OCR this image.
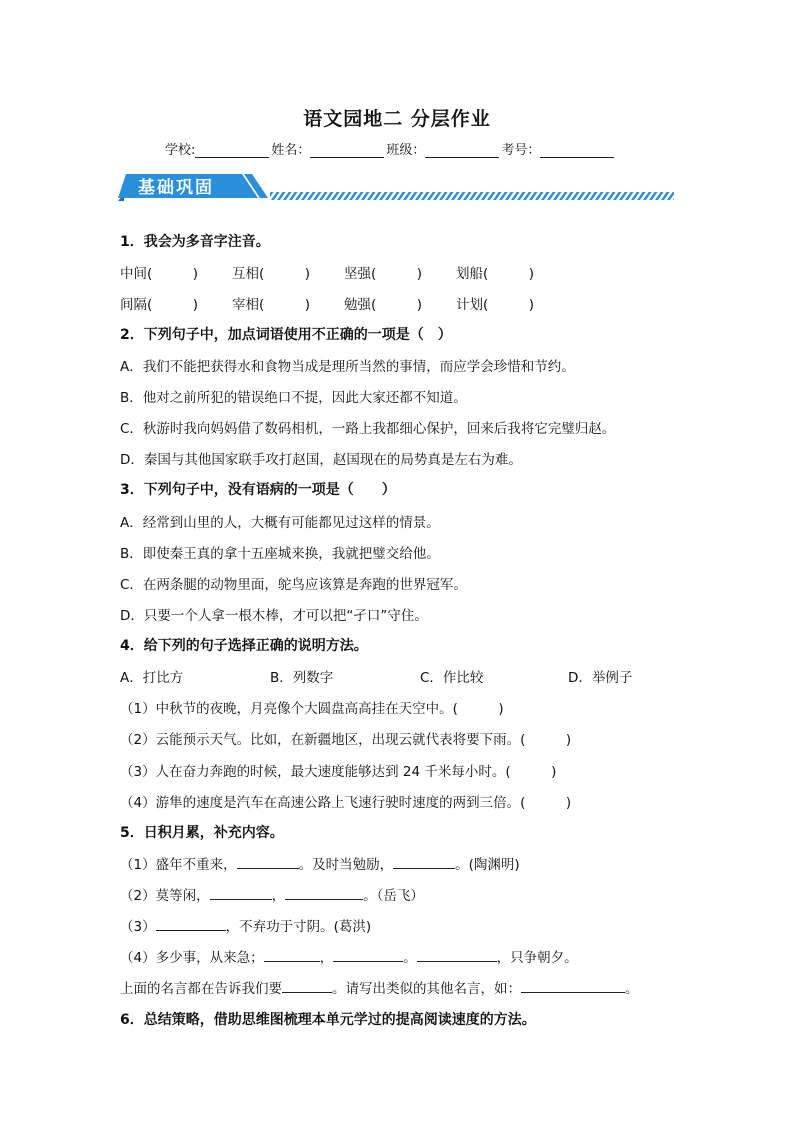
语文园地二 分层作业
学校:	姓名：	班级：	考号：
基础巩固
1．我会为多音字注音。
中间(　　　)	互相(　　　)	坚强(　　　)	划船(　　　)
间隔(　　　)	宰相(　　　)	勉强(　　　)	计划(　　　)
2．下列句子中，加点词语使用不正确的一项是（　）
A．我们不能把获得水和食物当成是理所当然的事情，而应学会珍惜和节约。
B．他对之前所犯的错误绝口不提，因此大家还都不知道。
C．秋游时我向妈妈借了数码相机，一路上我都细心保护，回来后我将它完璧归赵。
D．秦国与其他国家联手攻打赵国，赵国现在的局势真是左右为难。
3．下列句子中，没有语病的一项是（　　）
A．经常到山里的人，大概有可能都见过这样的情景。
B．即使秦王真的拿十五座城来换，我就把璧交给他。
C．在两条腿的动物里面，鸵鸟应该算是奔跑的世界冠军。
D．只要一个人拿一根木棒，才可以把“孑口”守住。
4．给下列的句子选择正确的说明方法。
A．打比方	B．列数字	C．作比较	D．举例子
（1）中秋节的夜晚，月亮像个大圆盘高高挂在天空中。(　　　)
（2）云能预示天气。比如，在新疆地区，出现云就代表将要下雨。(　　　)
（3）人在奋力奔跑的时候，最大速度能够达到 24 千米每小时。(　　　)
（4）游隼的速度是汽车在高速公路上飞速行驶时速度的两到三倍。(　　　)
5．日积月累，补充内容。
（1）盛年不重来，	。及时当勉励，	。(陶渊明)
（2）莫等闲，	，	。（岳飞）
（3）	，不弃功于寸阴。(葛洪)
（4）多少事，从来急；	，	。	，只争朝夕。
上面的名言都在告诉我们要	。请写出类似的其他名言，如：	。
6．总结策略，借助思维图梳理本单元学过的提高阅读速度的方法。
